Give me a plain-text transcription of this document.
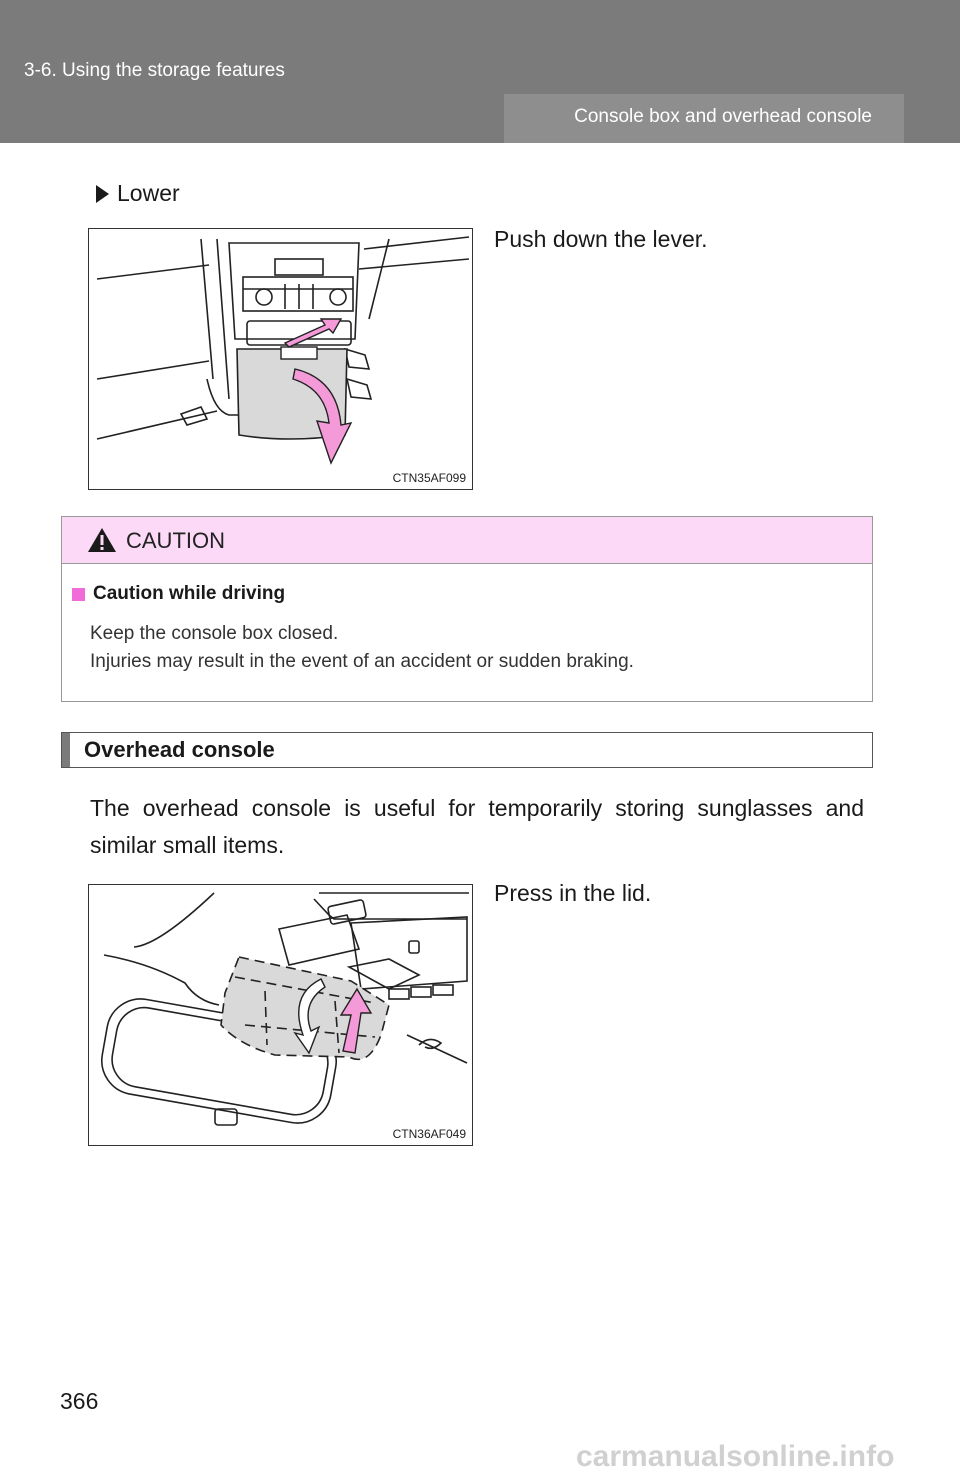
3-6. Using the storage features
Console box and overhead console
Lower
CTN35AF099
Push down the lever.
CAUTION
Caution while driving
Keep the console box closed.
Injuries may result in the event of an accident or sudden braking.
Overhead console
The overhead console is useful for temporarily storing sunglasses and similar small items.
CTN36AF049
Press in the lid.
366
carmanualsonline.info
